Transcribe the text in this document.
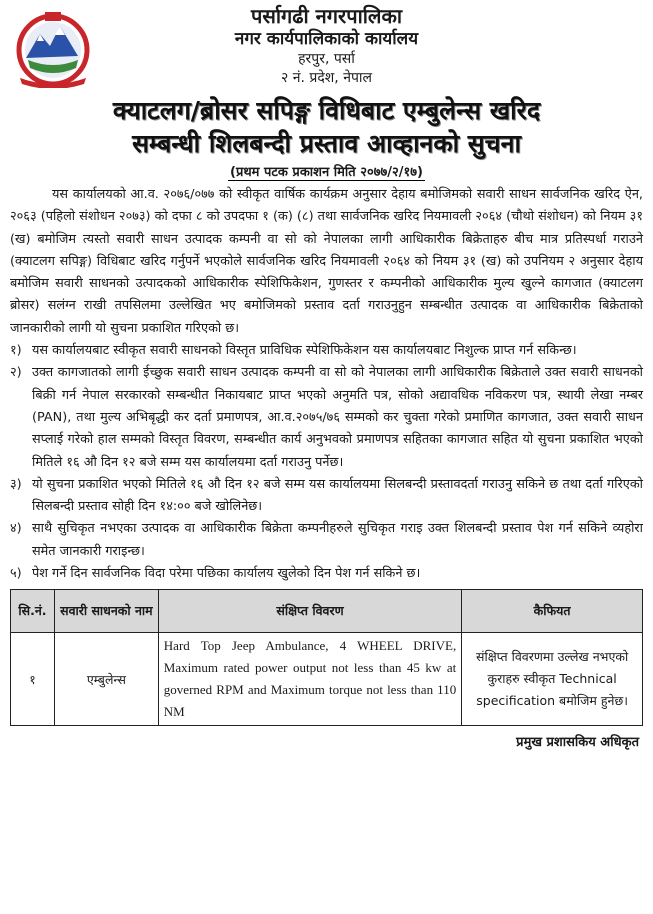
पर्सागढी नगरपालिका
नगर कार्यपालिकाको कार्यालय
हरपुर, पर्सा
२ नं. प्रदेश, नेपाल
क्याटलग/ब्रोसर सपिङ्ग विधिबाट एम्बुलेन्स खरिद
सम्बन्धी शिलबन्दी प्रस्ताव आव्हानको सुचना
(प्रथम पटक प्रकाशन मिति २०७७/२/१७)

यस कार्यालयको आ.व. २०७६/०७७ को स्वीकृत वार्षिक कार्यक्रम अनुसार देहाय बमोजिमको सवारी साधन सार्वजनिक खरिद ऐन, २०६३ (पहिलो संशोधन २०७३) को दफा ८ को उपदफा १ (क) (८) तथा सार्वजनिक खरिद नियमावली २०६४ (चौथो संशोधन) को नियम ३१ (ख) बमोजिम त्यस्तो सवारी साधन उत्पादक कम्पनी वा सो को नेपालका लागी आधिकारीक बिक्रेताहरु बीच मात्र प्रतिस्पर्धा गराउने (क्याटलग सपिङ्ग) विधिबाट खरिद गर्नुपर्ने भएकोले सार्वजनिक खरिद नियमावली २०६४ को नियम ३१ (ख) को उपनियम २ अनुसार देहाय बमोजिम सवारी साधनको उत्पादकको आधिकारीक स्पेशिफिकेशन, गुणस्तर र कम्पनीको आधिकारीक मुल्य खुल्ने कागजात (क्याटलग ब्रोसर) सलंग्न राखी तपसिलमा उल्लेखित भए बमोजिमको प्रस्ताव दर्ता गराउनुहुन सम्बन्धीत उत्पादक वा आधिकारीक बिक्रेताको जानकारीको लागी यो सुचना प्रकाशित गरिएको छ।

१) यस कार्यालयबाट स्वीकृत सवारी साधनको विस्तृत प्राविधिक स्पेशिफिकेशन यस कार्यालयबाट निशुल्क प्राप्त गर्न सकिन्छ।

२) उक्त कागजातको लागी ईच्छुक सवारी साधन उत्पादक कम्पनी वा सो को नेपालका लागी आधिकारीक बिक्रेताले उक्त सवारी साधनको बिक्री गर्न नेपाल सरकारको सम्बन्धीत निकायबाट प्राप्त भएको अनुमति पत्र, सोको अद्यावधिक नविकरण पत्र, स्थायी लेखा नम्बर (PAN), तथा मुल्य अभिबृद्धी कर दर्ता प्रमाणपत्र, आ.व.२०७५/७६ सम्मको कर चुक्ता गरेको प्रमाणित कागजात, उक्त सवारी साधन सप्लाई गरेको हाल सम्मको विस्तृत विवरण, सम्बन्धीत कार्य अनुभवको प्रमाणपत्र सहितका कागजात सहित यो सुचना प्रकाशित भएको मितिले १६ औ दिन १२ बजे सम्म यस कार्यालयमा दर्ता गराउनु पर्नेछ।

३) यो सुचना प्रकाशित भएको मितिले १६ औ दिन १२ बजे सम्म यस कार्यालयमा सिलबन्दी प्रस्तावदर्ता गराउनु सकिने छ तथा दर्ता गरिएको सिलबन्दी प्रस्ताव सोही दिन १४:०० बजे खोलिनेछ।

४) साथै सुचिकृत नभएका उत्पादक वा आधिकारीक बिक्रेता कम्पनीहरुले सुचिकृत गराइ उक्त शिलबन्दी प्रस्ताव पेश गर्न सकिने व्यहोरा समेत जानकारी गराइन्छ।

५) पेश गर्ने दिन सार्वजनिक विदा परेमा पछिका कार्यालय खुलेको दिन पेश गर्न सकिने छ।

सि.नं.	सवारी साधनको नाम	संक्षिप्त विवरण	कैफियत
१	एम्बुलेन्स	Hard Top Jeep Ambulance, 4 WHEEL DRIVE, Maximum rated power output not less than 45 kw at governed RPM and Maximum torque not less than 110 NM	संक्षिप्त विवरणमा उल्लेख नभएको कुराहरु स्वीकृत Technical specification बमोजिम हुनेछ।
प्रमुख प्रशासकिय अधिकृत
